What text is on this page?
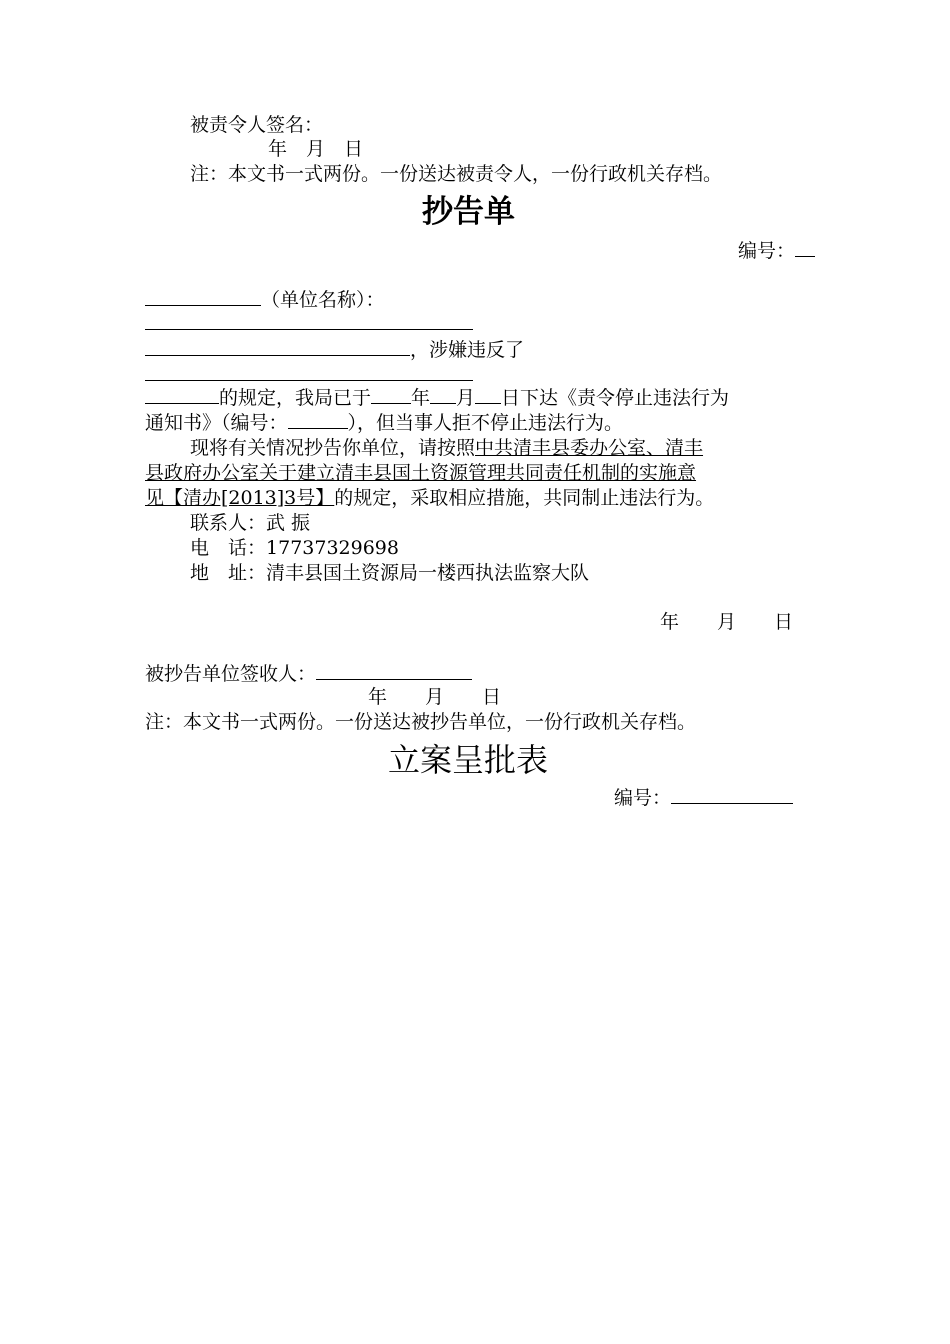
被责令人签名：
年　月　日
注：本文书一式两份。一份送达被责令人，一份行政机关存档。
抄告单
编号：
（单位名称）：
，涉嫌违反了
的规定，我局已于 年 月 日下达《责令停止违法行为
通知书》（编号：	），但当事人拒不停止违法行为。
现将有关情况抄告你单位，请按照中共清丰县委办公室、清丰
县政府办公室关于建立清丰县国土资源管理共同责任机制的实施意
见【清办[2013]3号】的规定，采取相应措施，共同制止违法行为。
联系人：武 振
电　话：17737329698
地　址：清丰县国土资源局一楼西执法监察大队
年　　月　　日
被抄告单位签收人：
年　　月　　日
注：本文书一式两份。一份送达被抄告单位，一份行政机关存档。
立案呈批表
编号：
